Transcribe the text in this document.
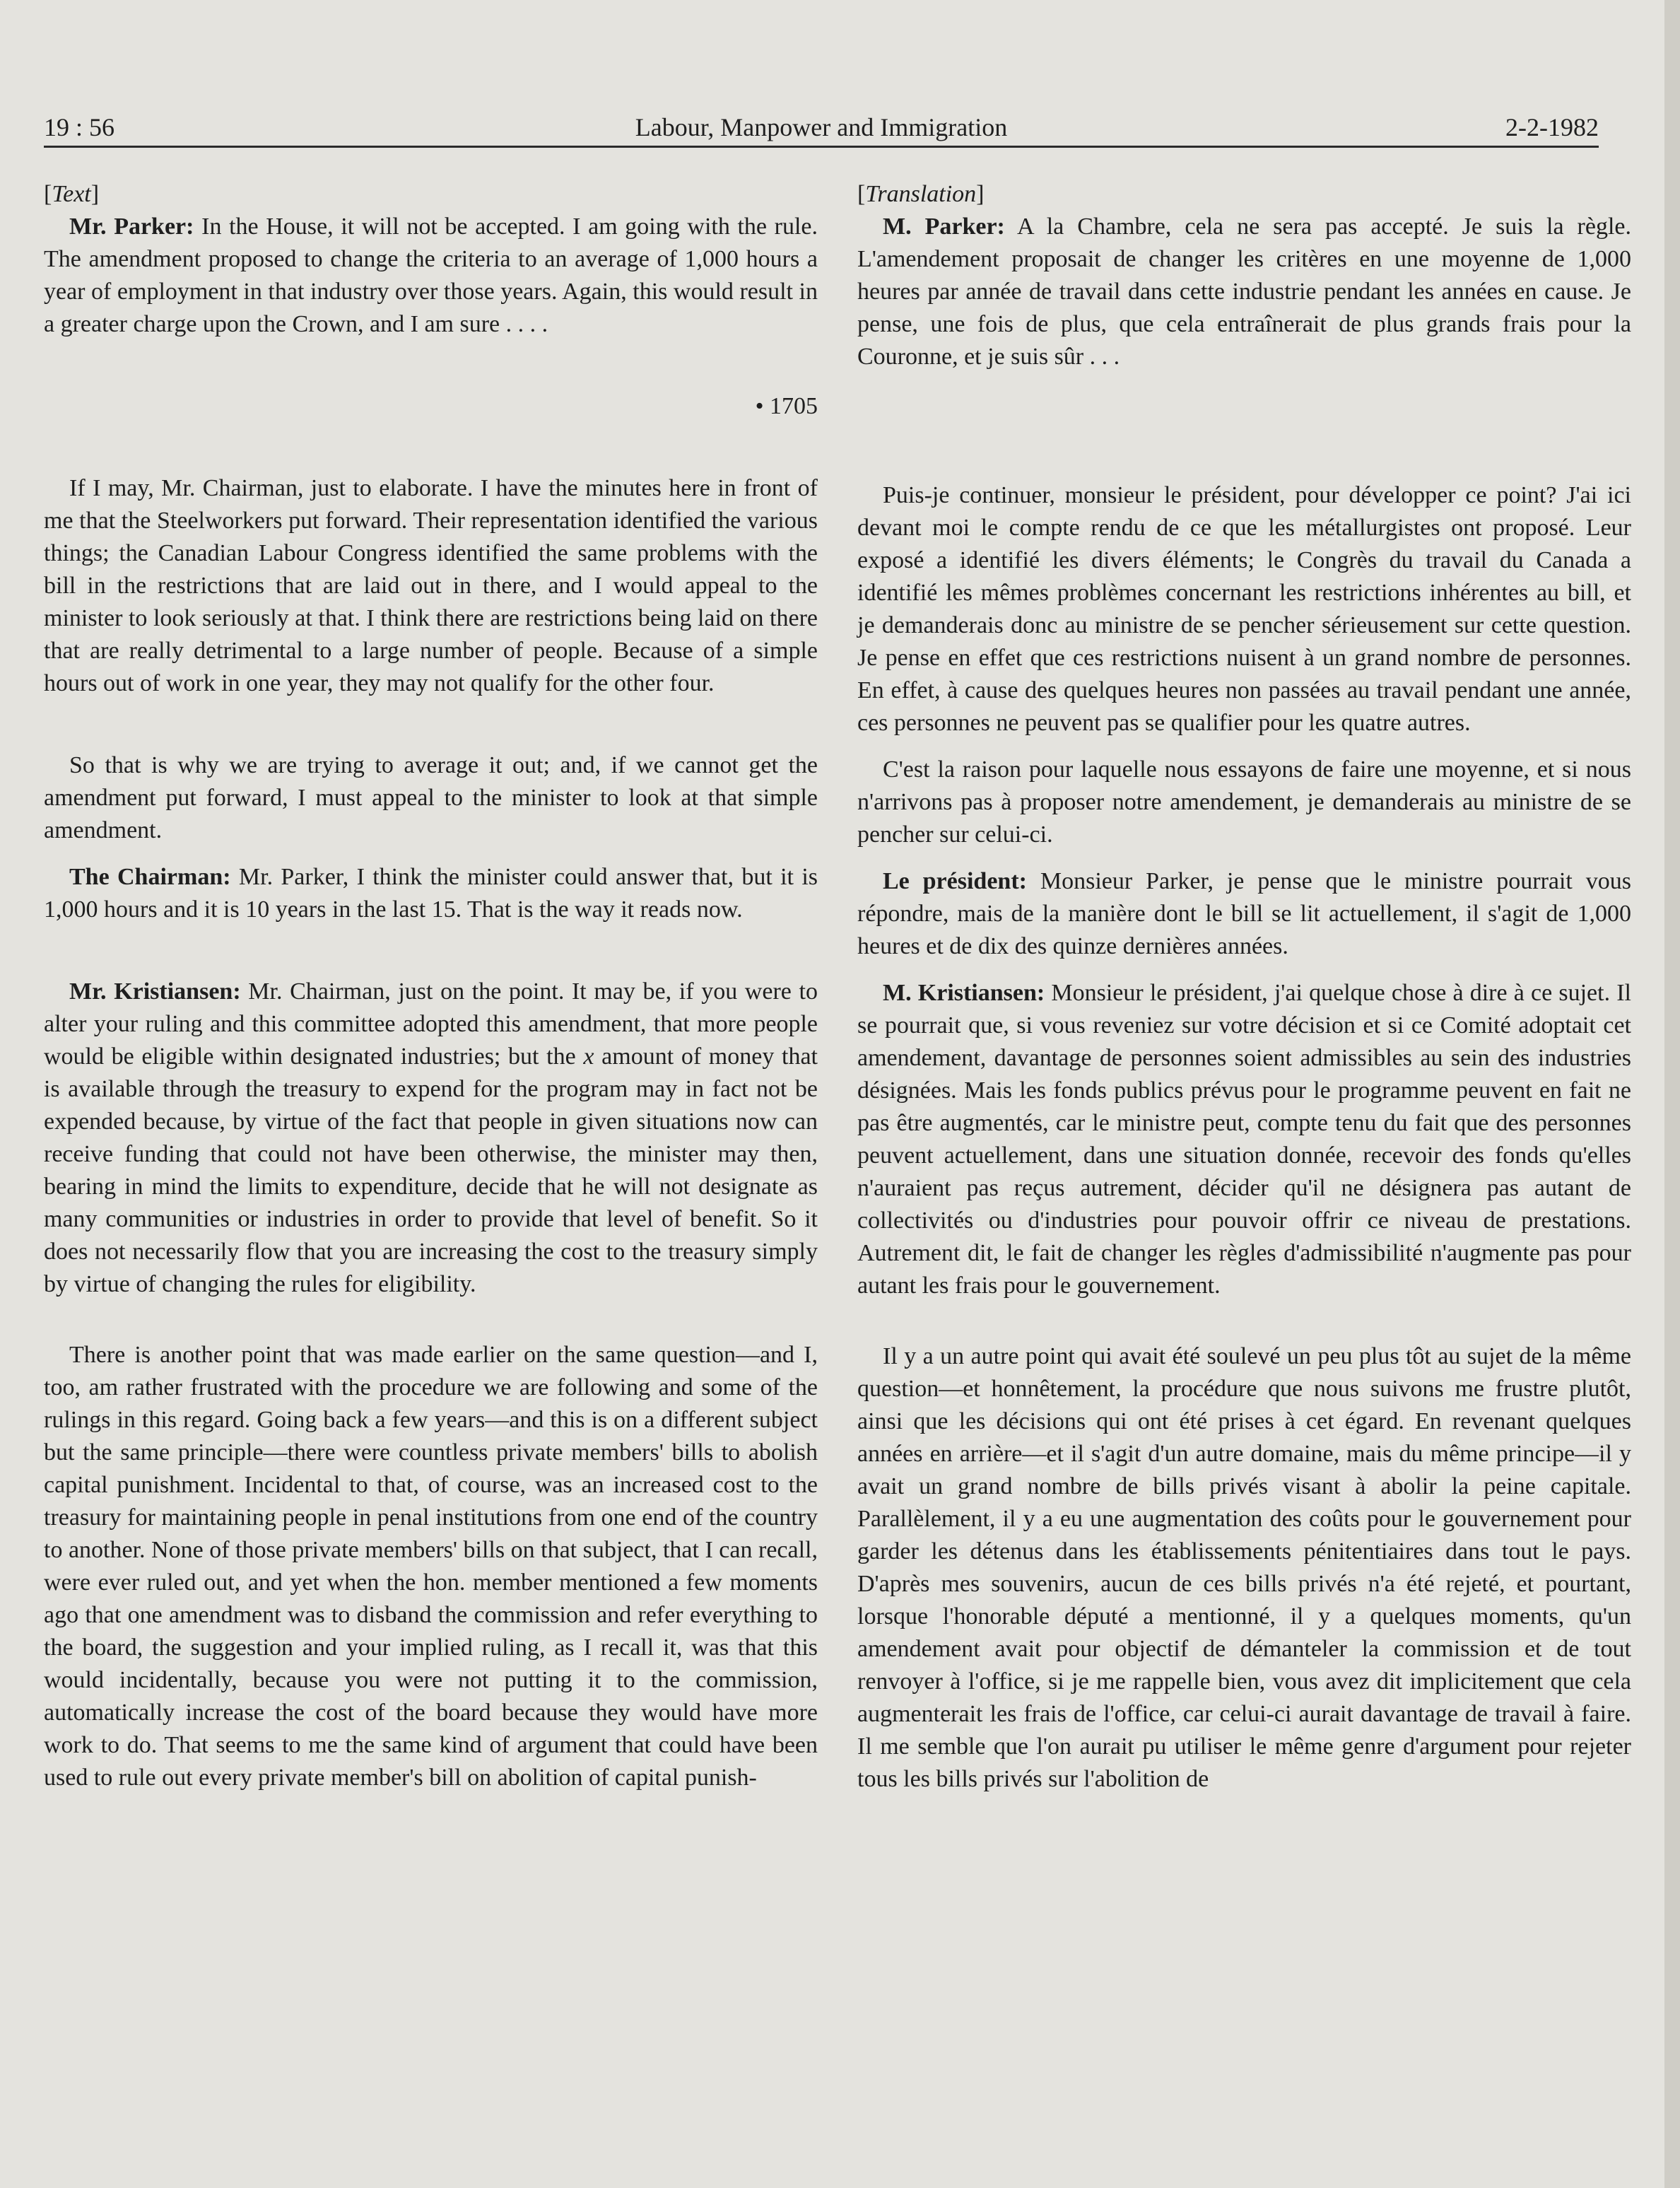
Labour, Manpower and Immigration
19 : 56	2-2-1982

[Text]

Mr. Parker: In the House, it will not be accepted. I am going with the rule. The amendment proposed to change the criteria to an average of 1,000 hours a year of employment in that industry over those years. Again, this would result in a greater charge upon the Crown, and I am sure . . . .

• 1705

If I may, Mr. Chairman, just to elaborate. I have the minutes here in front of me that the Steelworkers put forward. Their representation identified the various things; the Canadian Labour Congress identified the same problems with the bill in the restrictions that are laid out in there, and I would appeal to the minister to look seriously at that. I think there are restrictions being laid on there that are really detrimental to a large number of people. Because of a simple hours out of work in one year, they may not qualify for the other four.

So that is why we are trying to average it out; and, if we cannot get the amendment put forward, I must appeal to the minister to look at that simple amendment.

The Chairman: Mr. Parker, I think the minister could answer that, but it is 1,000 hours and it is 10 years in the last 15. That is the way it reads now.

Mr. Kristiansen: Mr. Chairman, just on the point. It may be, if you were to alter your ruling and this committee adopted this amendment, that more people would be eligible within designated industries; but the x amount of money that is available through the treasury to expend for the program may in fact not be expended because, by virtue of the fact that people in given situations now can receive funding that could not have been otherwise, the minister may then, bearing in mind the limits to expenditure, decide that he will not designate as many communities or industries in order to provide that level of benefit. So it does not necessarily flow that you are increasing the cost to the treasury simply by virtue of changing the rules for eligibility.

There is another point that was made earlier on the same question—and I, too, am rather frustrated with the procedure we are following and some of the rulings in this regard. Going back a few years—and this is on a different subject but the same principle—there were countless private members' bills to abolish capital punishment. Incidental to that, of course, was an increased cost to the treasury for maintaining people in penal institutions from one end of the country to another. None of those private members' bills on that subject, that I can recall, were ever ruled out, and yet when the hon. member mentioned a few moments ago that one amendment was to disband the commission and refer everything to the board, the suggestion and your implied ruling, as I recall it, was that this would incidentally, because you were not putting it to the commission, automatically increase the cost of the board because they would have more work to do. That seems to me the same kind of argument that could have been used to rule out every private member's bill on abolition of capital punish-

[Translation]

M. Parker: A la Chambre, cela ne sera pas accepté. Je suis la règle. L'amendement proposait de changer les critères en une moyenne de 1,000 heures par année de travail dans cette industrie pendant les années en cause. Je pense, une fois de plus, que cela entraînerait de plus grands frais pour la Couronne, et je suis sûr . . .

Puis-je continuer, monsieur le président, pour développer ce point? J'ai ici devant moi le compte rendu de ce que les métallurgistes ont proposé. Leur exposé a identifié les divers éléments; le Congrès du travail du Canada a identifié les mêmes problèmes concernant les restrictions inhérentes au bill, et je demanderais donc au ministre de se pencher sérieusement sur cette question. Je pense en effet que ces restrictions nuisent à un grand nombre de personnes. En effet, à cause des quelques heures non passées au travail pendant une année, ces personnes ne peuvent pas se qualifier pour les quatre autres.

C'est la raison pour laquelle nous essayons de faire une moyenne, et si nous n'arrivons pas à proposer notre amendement, je demanderais au ministre de se pencher sur celui-ci.

Le président: Monsieur Parker, je pense que le ministre pourrait vous répondre, mais de la manière dont le bill se lit actuellement, il s'agit de 1,000 heures et de dix des quinze dernières années.

M. Kristiansen: Monsieur le président, j'ai quelque chose à dire à ce sujet. Il se pourrait que, si vous reveniez sur votre décision et si ce Comité adoptait cet amendement, davantage de personnes soient admissibles au sein des industries désignées. Mais les fonds publics prévus pour le programme peuvent en fait ne pas être augmentés, car le ministre peut, compte tenu du fait que des personnes peuvent actuellement, dans une situation donnée, recevoir des fonds qu'elles n'auraient pas reçus autrement, décider qu'il ne désignera pas autant de collectivités ou d'industries pour pouvoir offrir ce niveau de prestations. Autrement dit, le fait de changer les règles d'admissibilité n'augmente pas pour autant les frais pour le gouvernement.

Il y a un autre point qui avait été soulevé un peu plus tôt au sujet de la même question—et honnêtement, la procédure que nous suivons me frustre plutôt, ainsi que les décisions qui ont été prises à cet égard. En revenant quelques années en arrière—et il s'agit d'un autre domaine, mais du même principe—il y avait un grand nombre de bills privés visant à abolir la peine capitale. Parallèlement, il y a eu une augmentation des coûts pour le gouvernement pour garder les détenus dans les établissements pénitentiaires dans tout le pays. D'après mes souvenirs, aucun de ces bills privés n'a été rejeté, et pourtant, lorsque l'honorable député a mentionné, il y a quelques moments, qu'un amendement avait pour objectif de démanteler la commission et de tout renvoyer à l'office, si je me rappelle bien, vous avez dit implicitement que cela augmenterait les frais de l'office, car celui-ci aurait davantage de travail à faire. Il me semble que l'on aurait pu utiliser le même genre d'argument pour rejeter tous les bills privés sur l'abolition de
